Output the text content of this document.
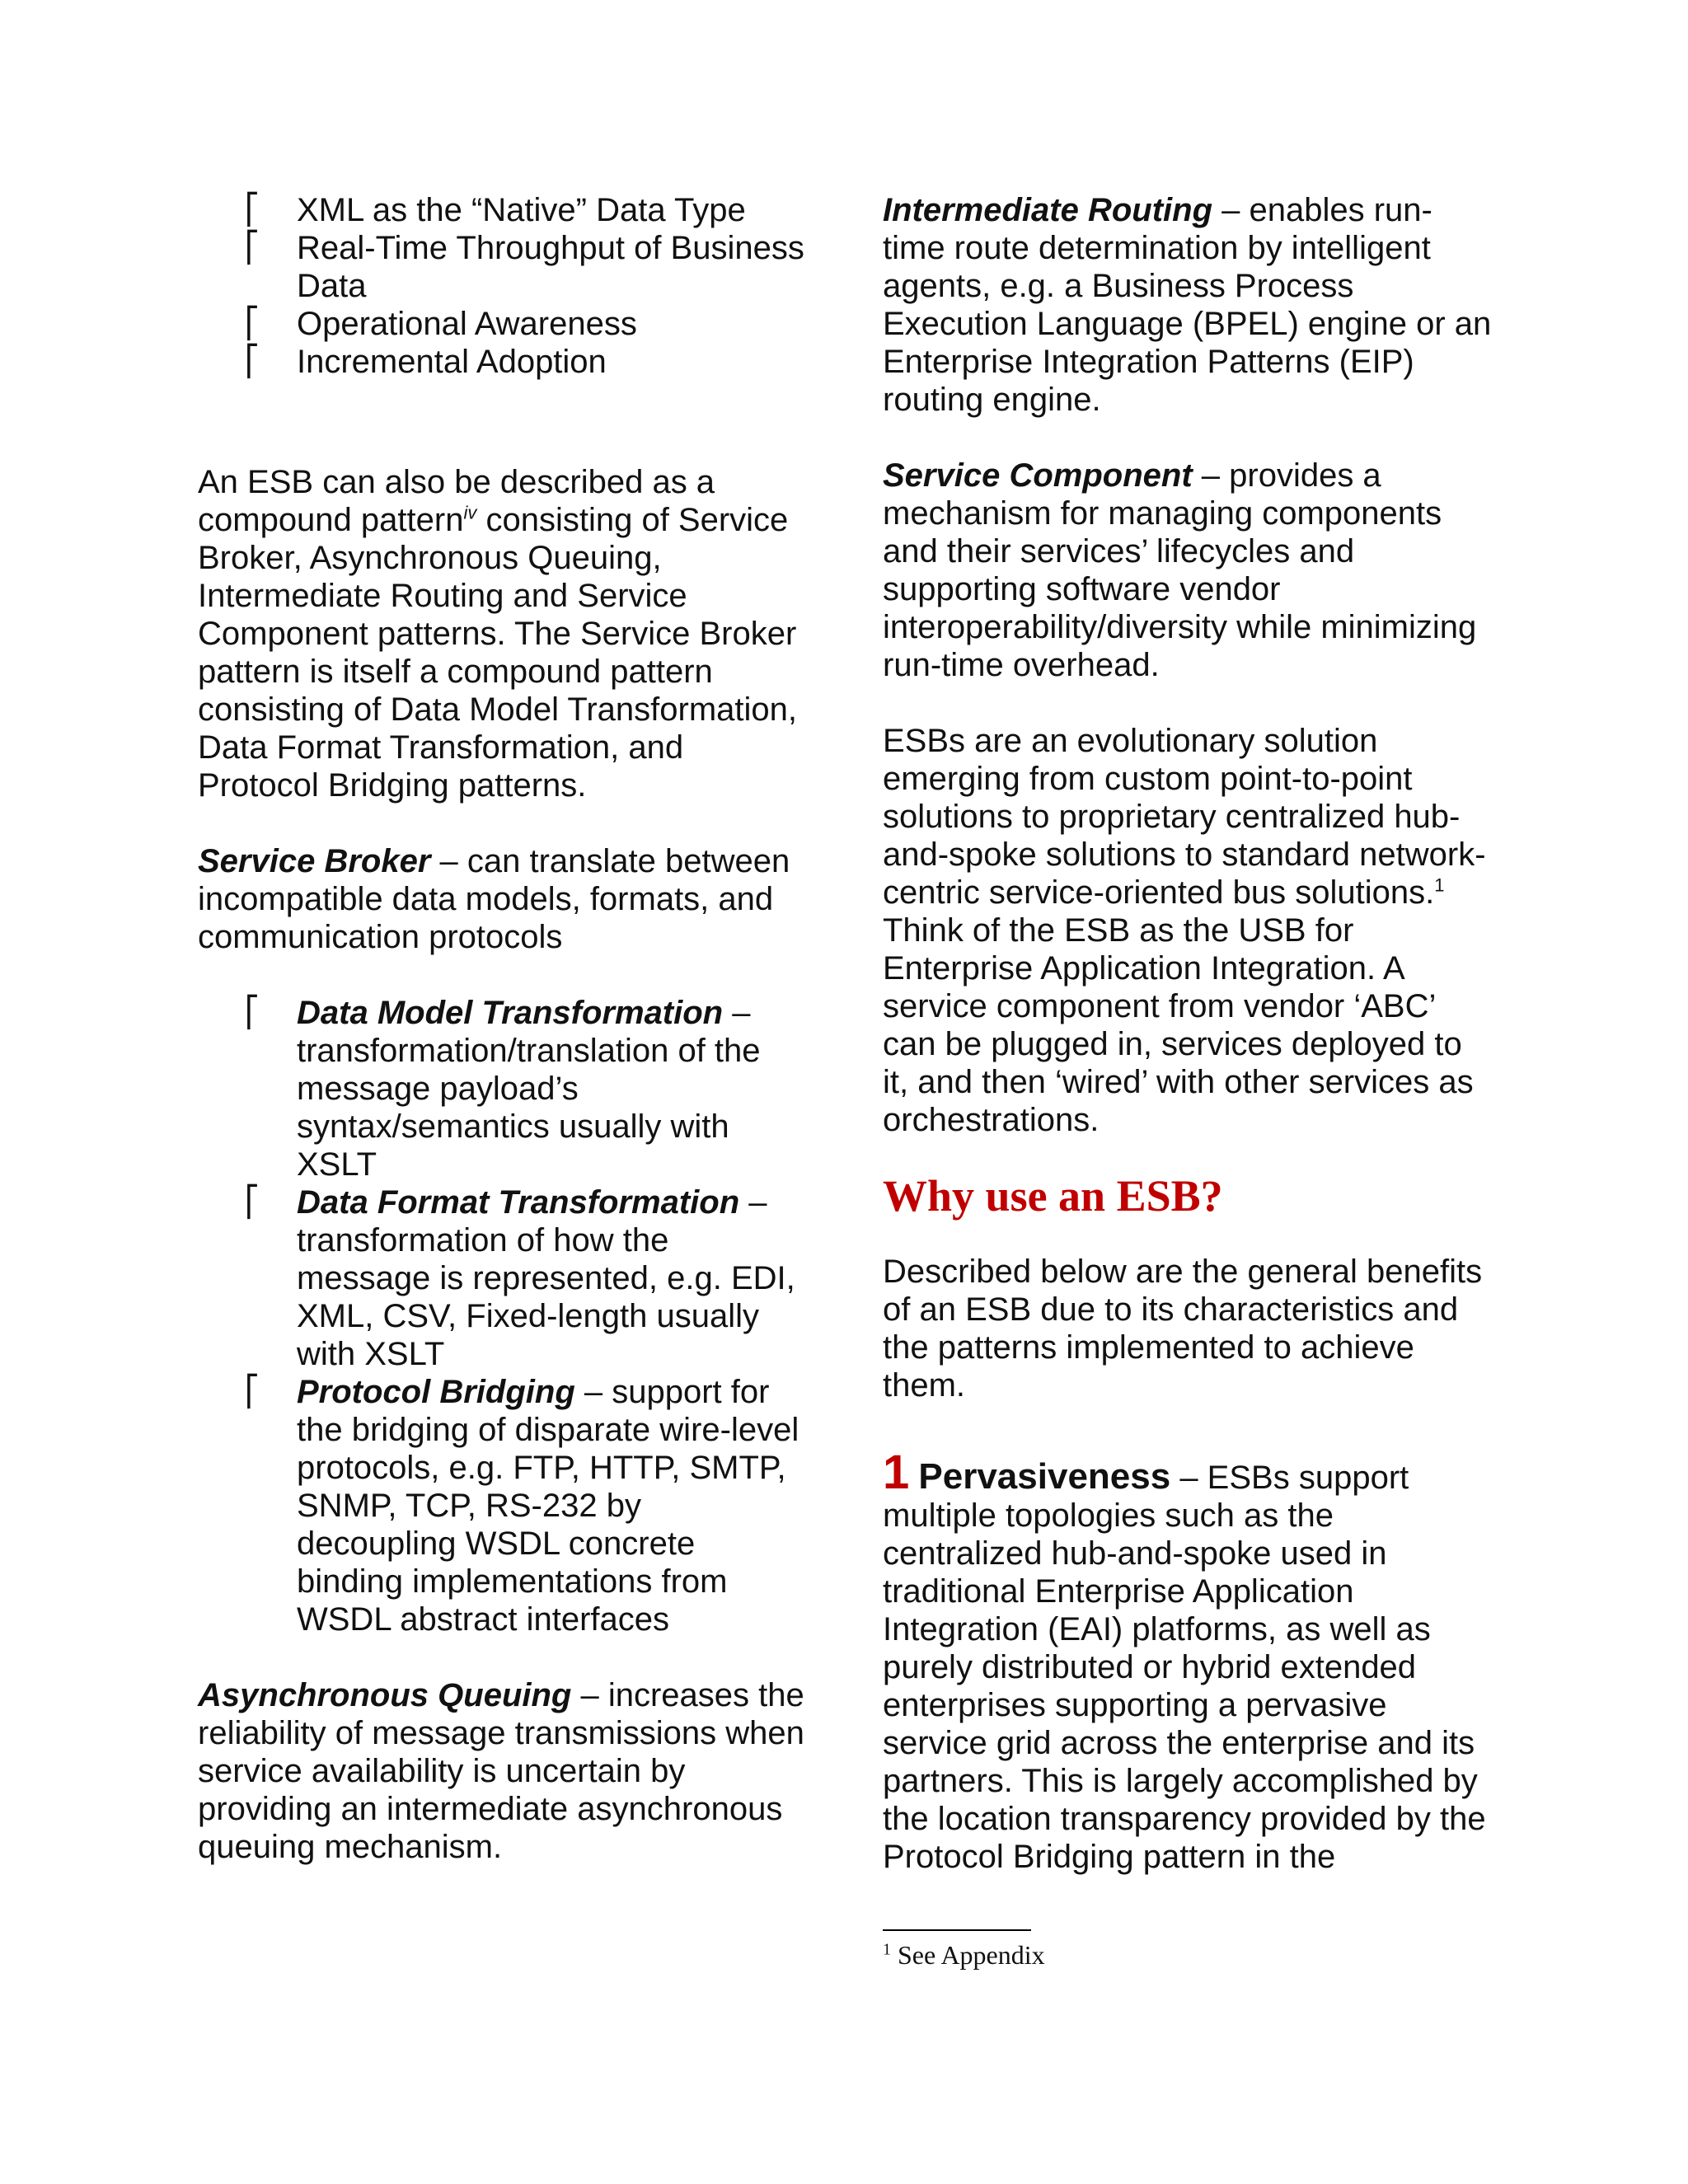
⎡ XML as the “Native” Data Type
⎡ Real-Time Throughput of Business Data
⎡ Operational Awareness
⎡ Incremental Adoption

An ESB can also be described as a compound pattern$^{iv}$ consisting of Service Broker, Asynchronous Queuing, Intermediate Routing and Service Component patterns. The Service Broker pattern is itself a compound pattern consisting of Data Model Transformation, Data Format Transformation, and Protocol Bridging patterns.

Service Broker – can translate between incompatible data models, formats, and communication protocols

⎡ Data Model Transformation – transformation/translation of the message payload’s syntax/semantics usually with XSLT
⎡ Data Format Transformation – transformation of how the message is represented, e.g. EDI, XML, CSV, Fixed-length usually with XSLT
⎡ Protocol Bridging – support for the bridging of disparate wire-level protocols, e.g. FTP, HTTP, SMTP, SNMP, TCP, RS-232 by decoupling WSDL concrete binding implementations from WSDL abstract interfaces

Asynchronous Queuing – increases the reliability of message transmissions when service availability is uncertain by providing an intermediate asynchronous queuing mechanism.

Intermediate Routing – enables run-time route determination by intelligent agents, e.g. a Business Process Execution Language (BPEL) engine or an Enterprise Integration Patterns (EIP) routing engine.

Service Component – provides a mechanism for managing components and their services’ lifecycles and supporting software vendor interoperability/diversity while minimizing run-time overhead.

ESBs are an evolutionary solution emerging from custom point-to-point solutions to proprietary centralized hub-and-spoke solutions to standard network-centric service-oriented bus solutions.$^1$ Think of the ESB as the USB for Enterprise Application Integration. A service component from vendor ‘ABC’ can be plugged in, services deployed to it, and then ‘wired’ with other services as orchestrations.

Why use an ESB?

Described below are the general benefits of an ESB due to its characteristics and the patterns implemented to achieve them.

1 Pervasiveness – ESBs support multiple topologies such as the centralized hub-and-spoke used in traditional Enterprise Application Integration (EAI) platforms, as well as purely distributed or hybrid extended enterprises supporting a pervasive service grid across the enterprise and its partners. This is largely accomplished by the location transparency provided by the Protocol Bridging pattern in the

$^1$ See Appendix
